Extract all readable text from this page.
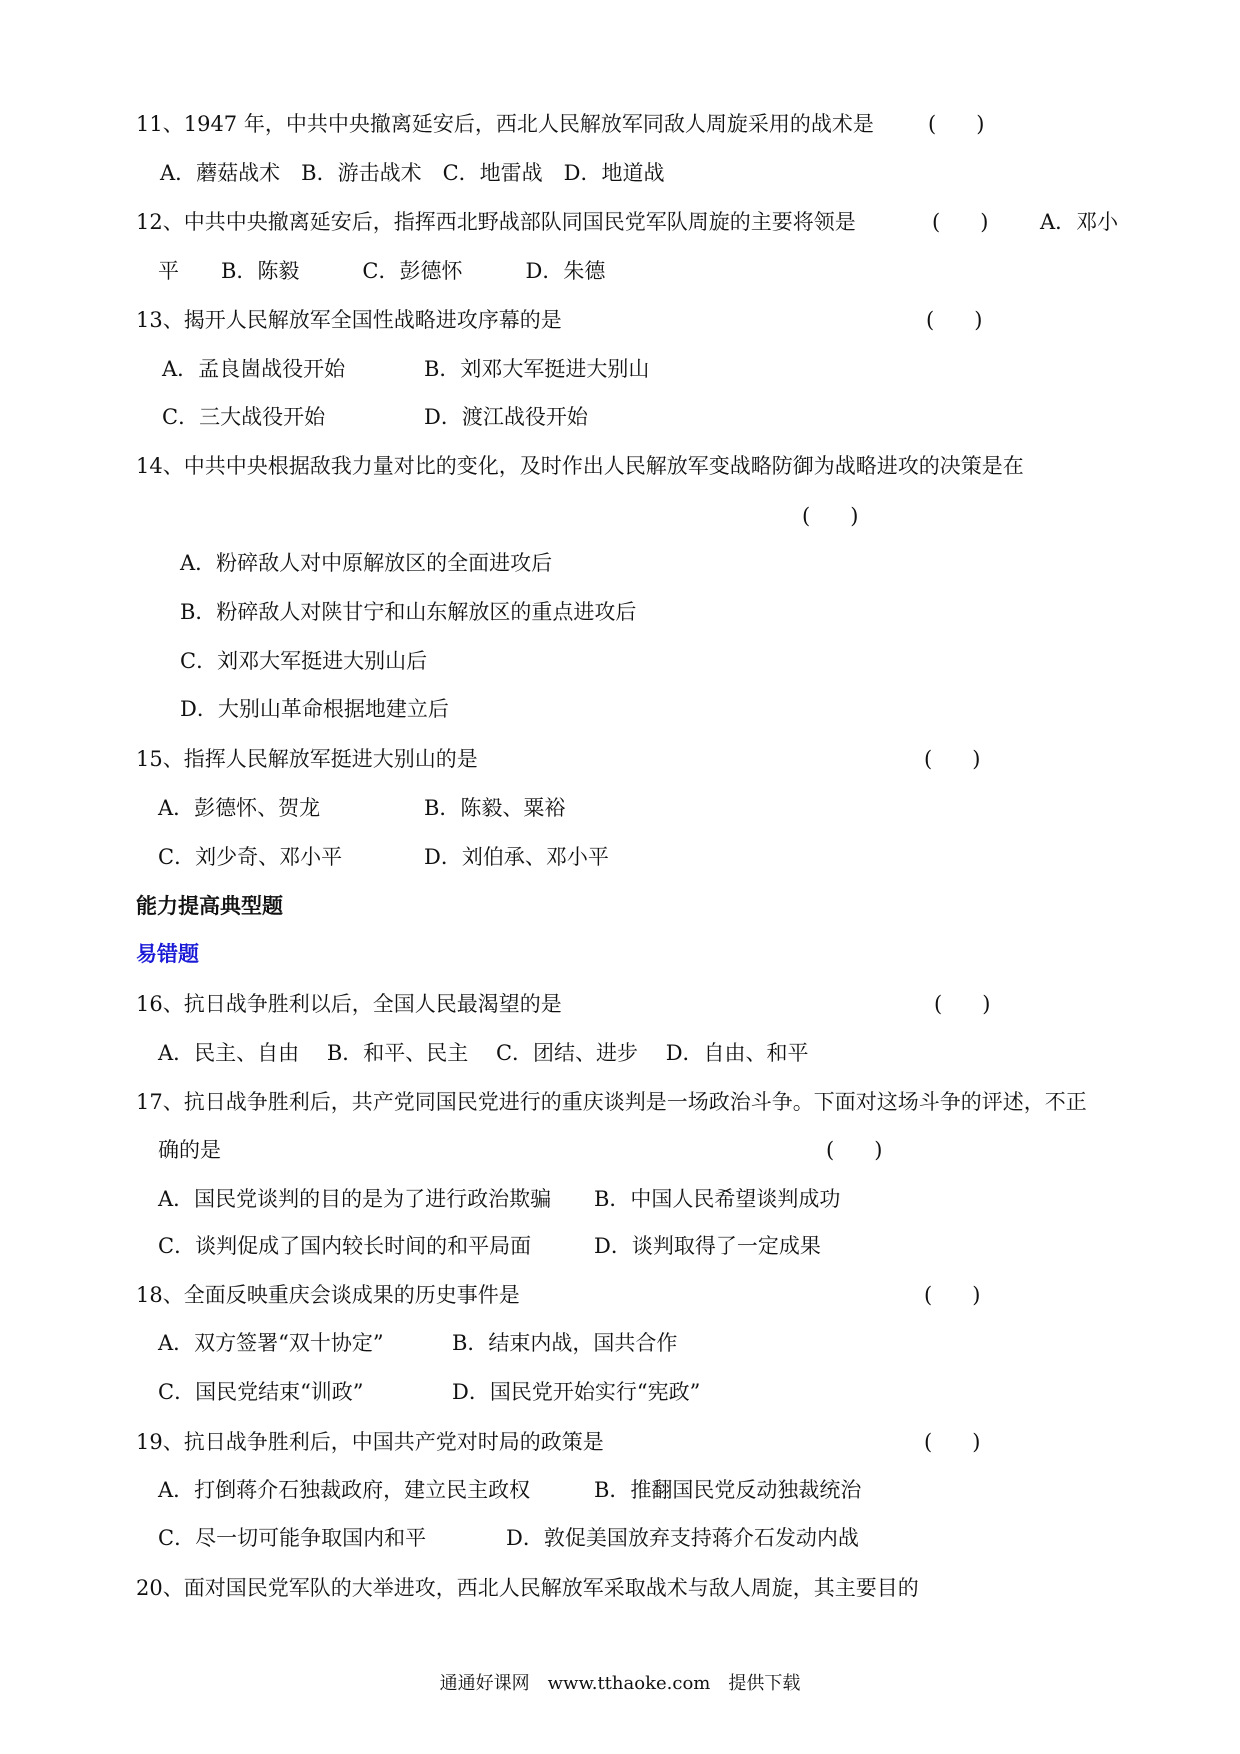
11、1947 年，中共中央撤离延安后，西北人民解放军同敌人周旋采用的战术是	(      )
A．蘑菇战术　B．游击战术　C．地雷战　D．地道战
12、中共中央撤离延安后，指挥西北野战部队同国民党军队周旋的主要将领是	(      ) A．邓小
平　　B．陈毅　　　C．彭德怀　　　D．朱德
13、揭开人民解放军全国性战略进攻序幕的是	(      )
A．孟良崮战役开始	B．刘邓大军挺进大别山
C．三大战役开始	D．渡江战役开始
14、中共中央根据敌我力量对比的变化，及时作出人民解放军变战略防御为战略进攻的决策是在
(      )
A．粉碎敌人对中原解放区的全面进攻后
B．粉碎敌人对陕甘宁和山东解放区的重点进攻后
C．刘邓大军挺进大别山后
D．大别山革命根据地建立后
15、指挥人民解放军挺进大别山的是	(      )
A．彭德怀、贺龙	B．陈毅、粟裕
C．刘少奇、邓小平	D．刘伯承、邓小平
能力提高典型题
易错题
16、抗日战争胜利以后，全国人民最渴望的是	(      )
A．民主、自由　 B．和平、民主　 C．团结、进步　 D．自由、和平
17、抗日战争胜利后，共产党同国民党进行的重庆谈判是一场政治斗争。下面对这场斗争的评述，不正
确的是	(      )
A．国民党谈判的目的是为了进行政治欺骗 B．中国人民希望谈判成功
C．谈判促成了国内较长时间的和平局面	D．谈判取得了一定成果
18、全面反映重庆会谈成果的历史事件是	(      )
A．双方签署“双十协定”	B．结束内战，国共合作
C．国民党结束“训政”	D．国民党开始实行“宪政”
19、抗日战争胜利后，中国共产党对时局的政策是	(      )
A．打倒蒋介石独裁政府，建立民主政权	B．推翻国民党反动独裁统治
C．尽一切可能争取国内和平	D．敦促美国放弃支持蒋介石发动内战
20、面对国民党军队的大举进攻，西北人民解放军采取战术与敌人周旋，其主要目的
通通好课网　www.tthaoke.com　提供下载
